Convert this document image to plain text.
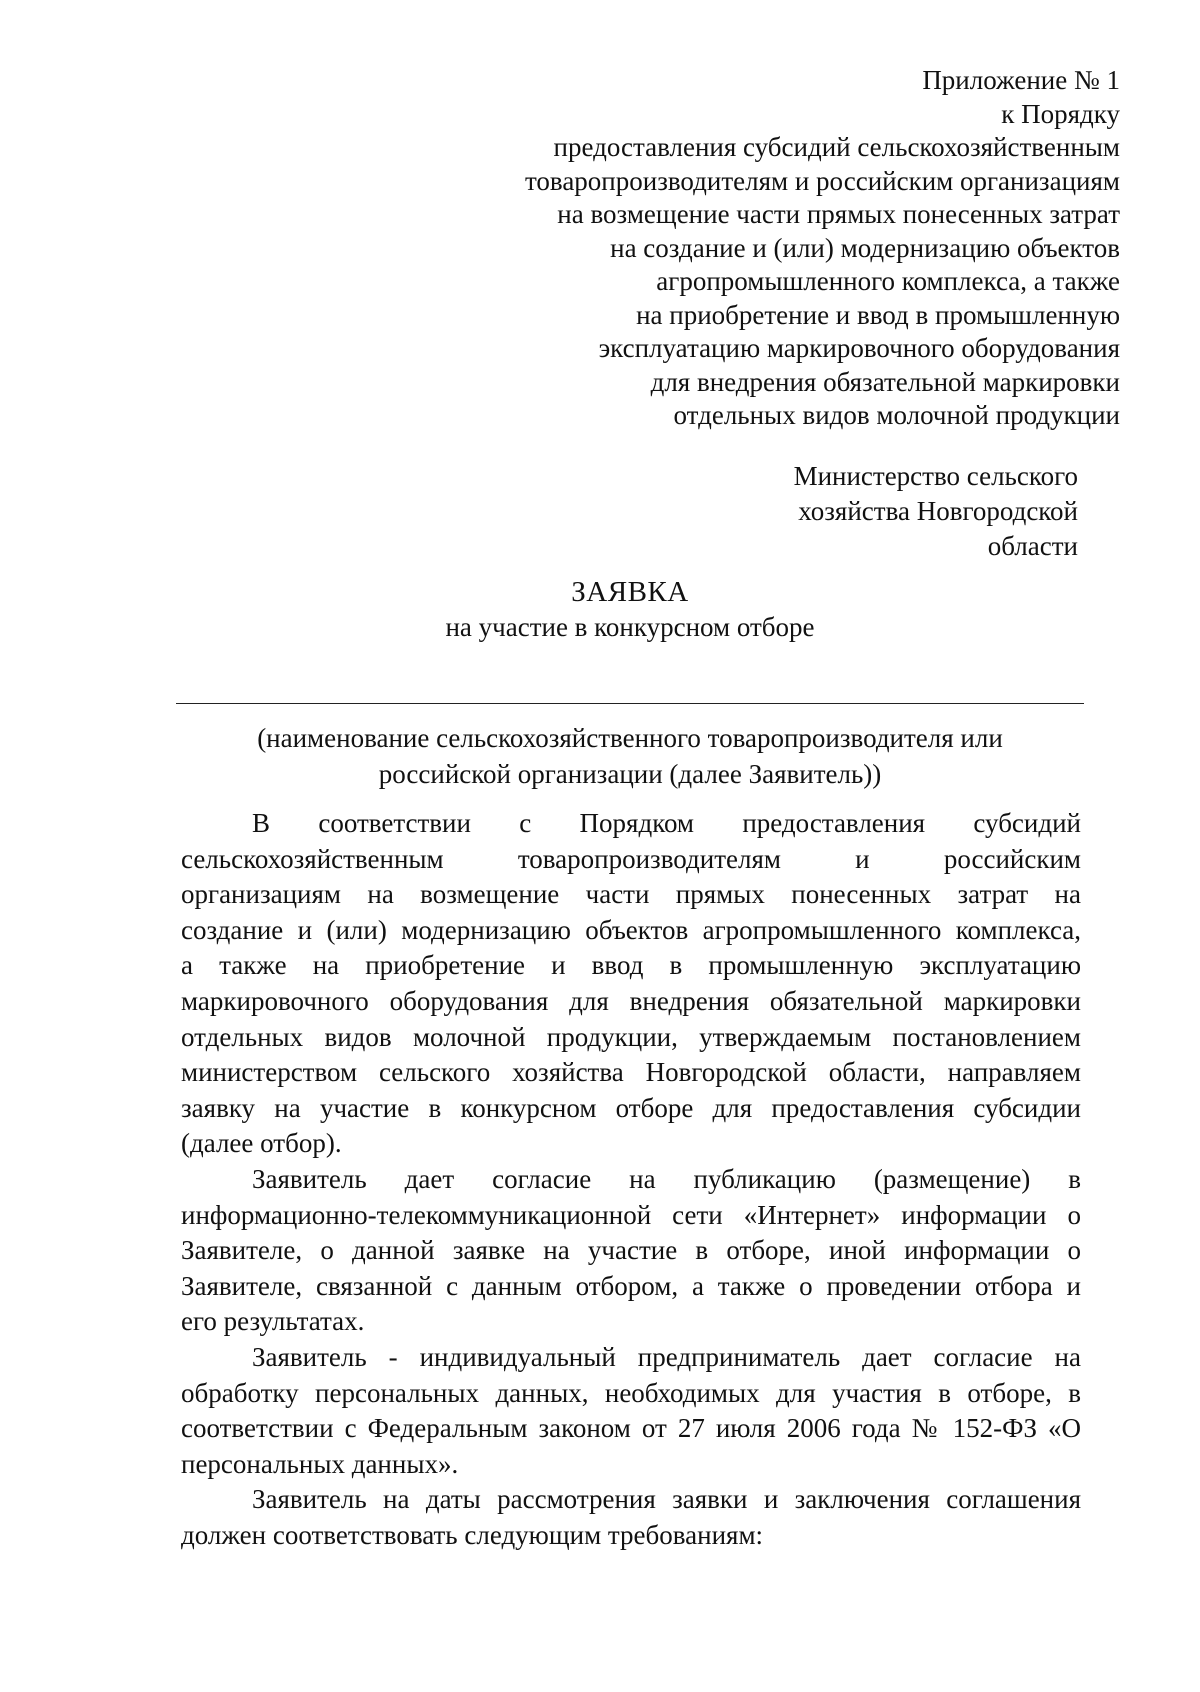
Приложение № 1
к Порядку
предоставления субсидий сельскохозяйственным
товаропроизводителям и российским организациям
на возмещение части прямых понесенных затрат
на создание и (или) модернизацию объектов
агропромышленного комплекса, а также
на приобретение и ввод в промышленную
эксплуатацию маркировочного оборудования
для внедрения обязательной маркировки
отдельных видов молочной продукции
Министерство сельского
хозяйства Новгородской
области
ЗАЯВКА
на участие в конкурсном отборе
(наименование сельскохозяйственного товаропроизводителя или
российской организации (далее Заявитель))
В соответствии с Порядком предоставления субсидий
сельскохозяйственным товаропроизводителям и российским
организациям на возмещение части прямых понесенных затрат на
создание и (или) модернизацию объектов агропромышленного комплекса,
а также на приобретение и ввод в промышленную эксплуатацию
маркировочного оборудования для внедрения обязательной маркировки
отдельных видов молочной продукции, утверждаемым постановлением
министерством сельского хозяйства Новгородской области, направляем
заявку на участие в конкурсном отборе для предоставления субсидии
(далее отбор).
Заявитель дает согласие на публикацию (размещение) в
информационно-телекоммуникационной сети «Интернет» информации о
Заявителе, о данной заявке на участие в отборе, иной информации о
Заявителе, связанной с данным отбором, а также о проведении отбора и
его результатах.
Заявитель - индивидуальный предприниматель дает согласие на
обработку персональных данных, необходимых для участия в отборе, в
соответствии с Федеральным законом от 27 июля 2006 года № 152-ФЗ «О
персональных данных».
Заявитель на даты рассмотрения заявки и заключения соглашения
должен соответствовать следующим требованиям:
